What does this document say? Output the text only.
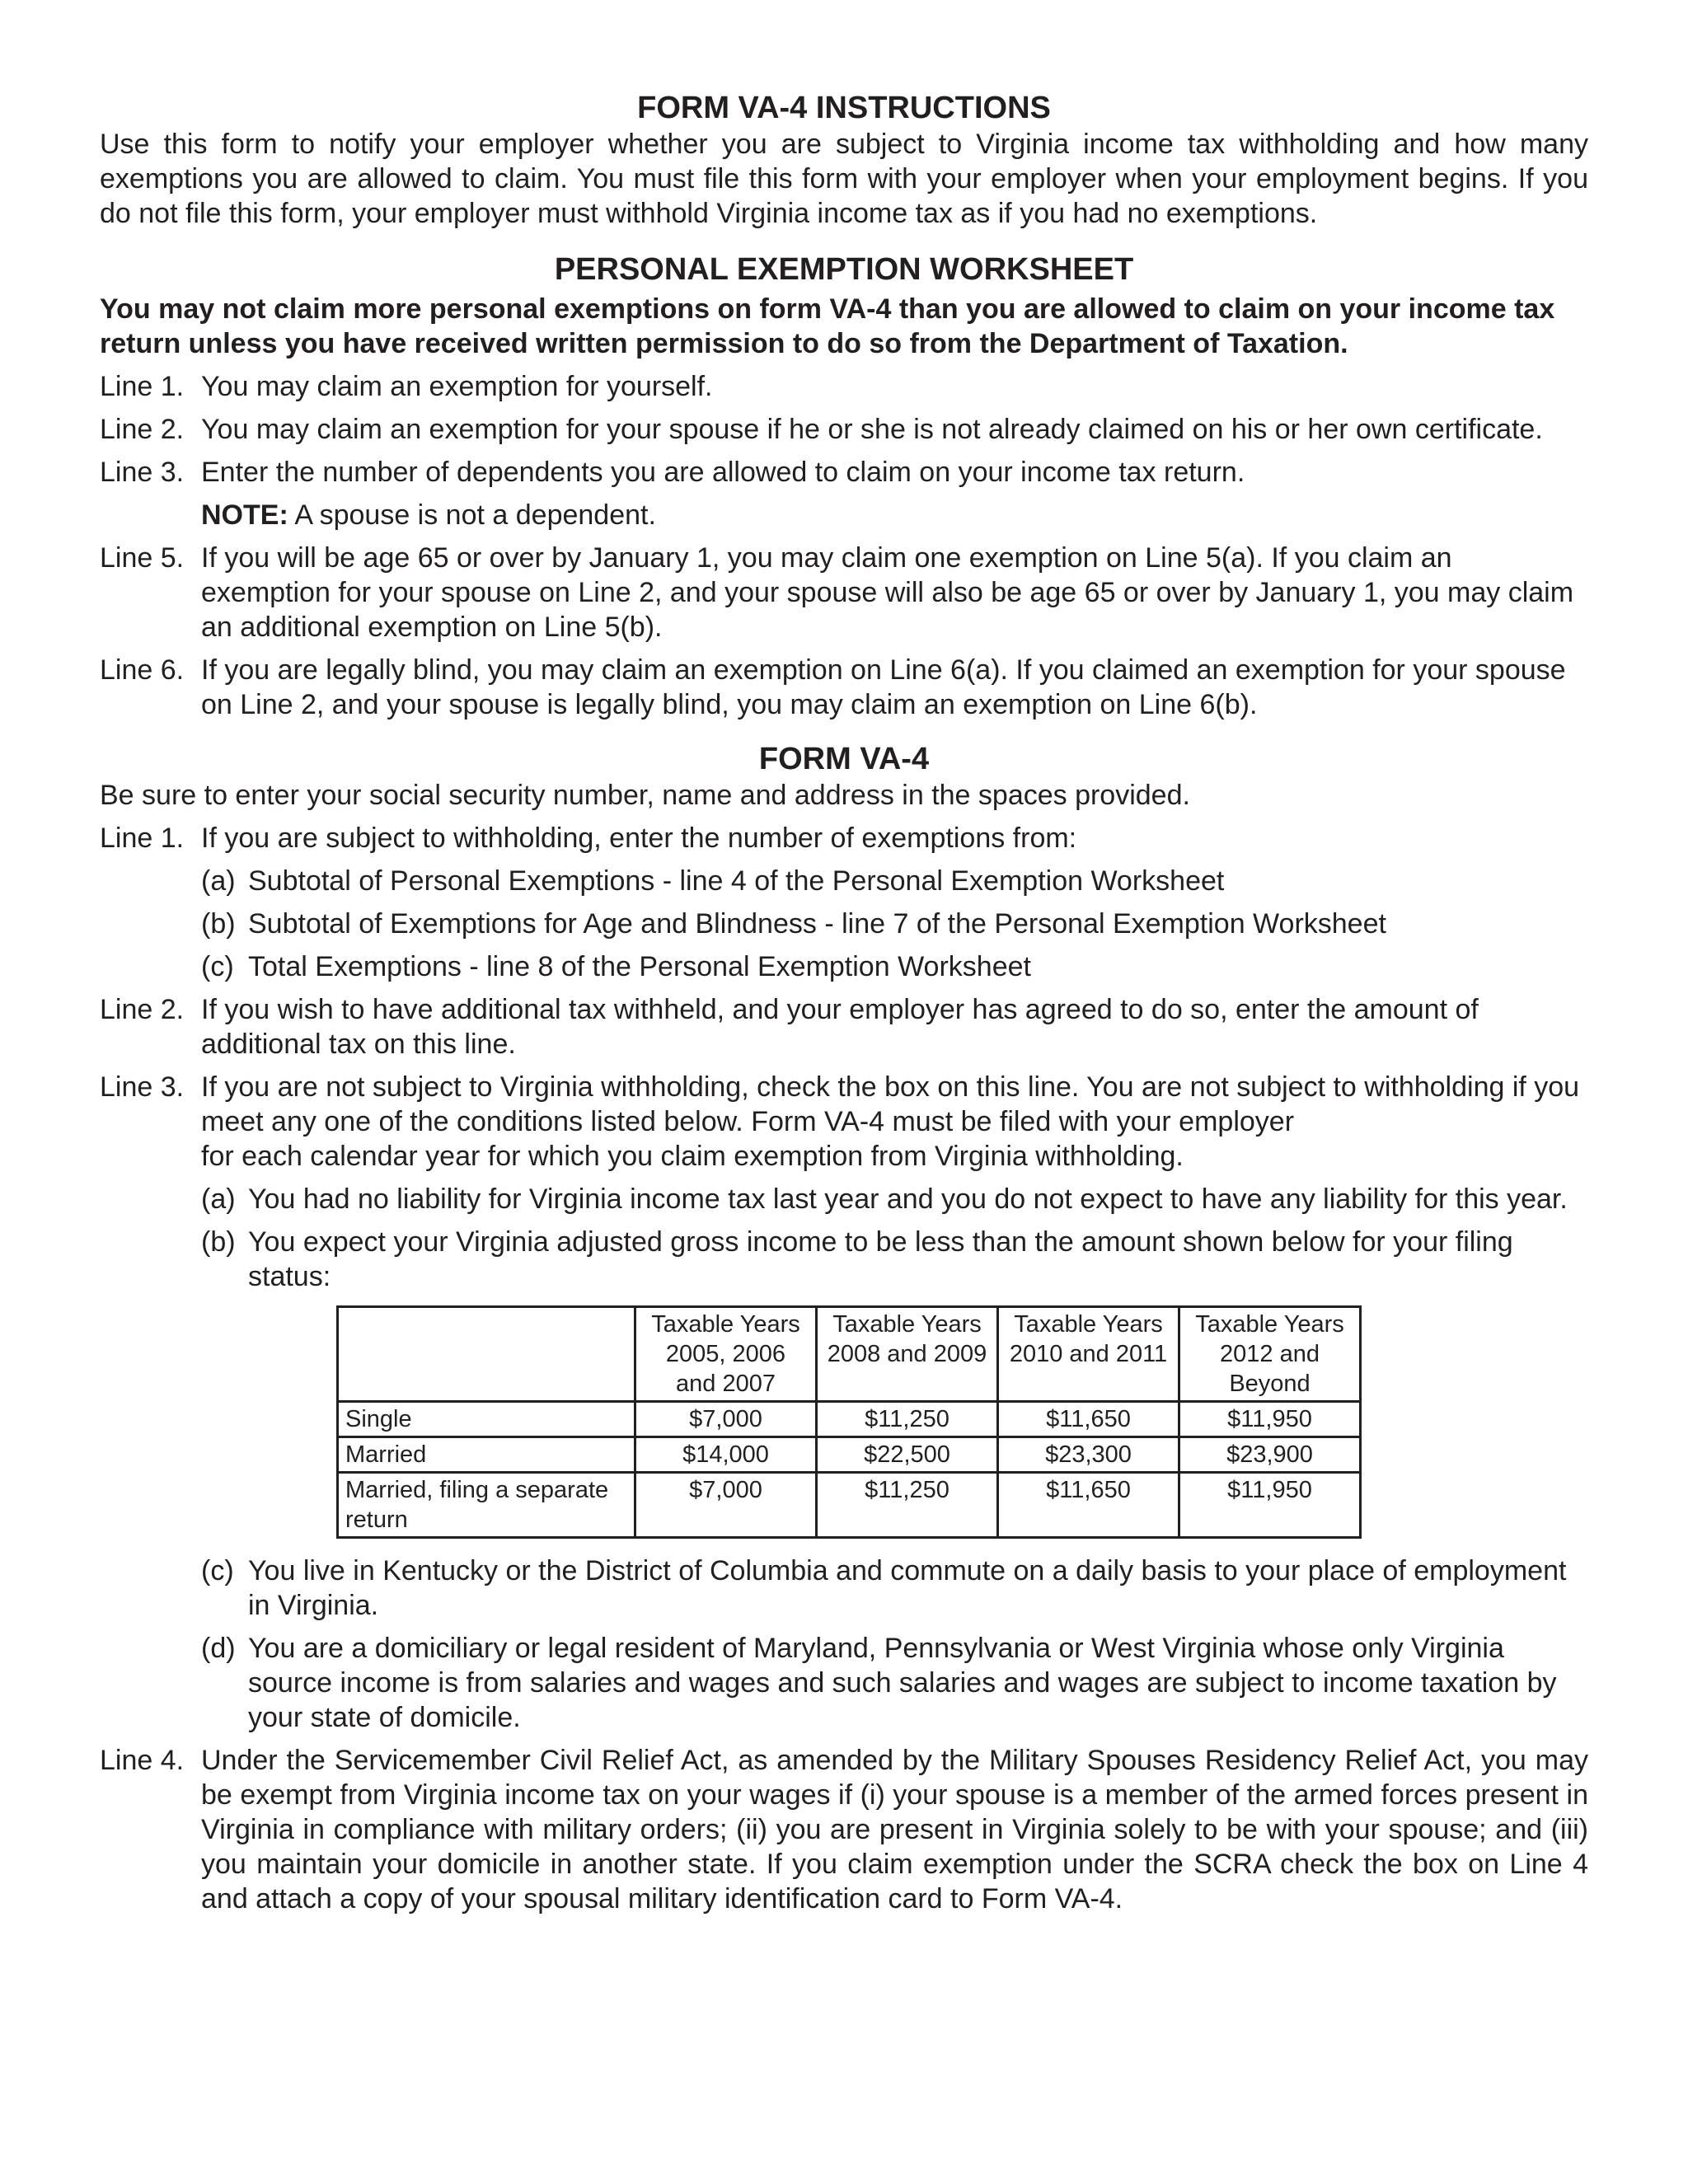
FORM VA-4 INSTRUCTIONS

Use this form to notify your employer whether you are subject to Virginia income tax withholding and how many exemptions you are allowed to claim. You must file this form with your employer when your employment begins. If you do not file this form, your employer must withhold Virginia income tax as if you had no exemptions.

PERSONAL EXEMPTION WORKSHEET

You may not claim more personal exemptions on form VA-4 than you are allowed to claim on your income tax return unless you have received written permission to do so from the Department of Taxation.

Line 1. You may claim an exemption for yourself.
Line 2. You may claim an exemption for your spouse if he or she is not already claimed on his or her own certificate.
Line 3. Enter the number of dependents you are allowed to claim on your income tax return.
NOTE: A spouse is not a dependent.
Line 5. If you will be age 65 or over by January 1, you may claim one exemption on Line 5(a). If you claim an exemption for your spouse on Line 2, and your spouse will also be age 65 or over by January 1, you may claim an additional exemption on Line 5(b).
Line 6. If you are legally blind, you may claim an exemption on Line 6(a). If you claimed an exemption for your spouse on Line 2, and your spouse is legally blind, you may claim an exemption on Line 6(b).
FORM VA-4

Be sure to enter your social security number, name and address in the spaces provided.

Line 1. If you are subject to withholding, enter the number of exemptions from:
(a) Subtotal of Personal Exemptions - line 4 of the Personal Exemption Worksheet
(b) Subtotal of Exemptions for Age and Blindness - line 7 of the Personal Exemption Worksheet
(c) Total Exemptions - line 8 of the Personal Exemption Worksheet
Line 2. If you wish to have additional tax withheld, and your employer has agreed to do so, enter the amount of additional tax on this line.
Line 3. If you are not subject to Virginia withholding, check the box on this line. You are not subject to withholding if you meet any one of the conditions listed below. Form VA-4 must be filed with your employer
for each calendar year for which you claim exemption from Virginia withholding.
(a) You had no liability for Virginia income tax last year and you do not expect to have any liability for this year.
(b) You expect your Virginia adjusted gross income to be less than the amount shown below for your filing status:
	Taxable Years 2005, 2006 and 2007	Taxable Years 2008 and 2009	Taxable Years 2010 and 2011	Taxable Years 2012 and Beyond
Single	$7,000	$11,250	$11,650	$11,950
Married	$14,000	$22,500	$23,300	$23,900
Married, filing a separate return	$7,000	$11,250	$11,650	$11,950
(c) You live in Kentucky or the District of Columbia and commute on a daily basis to your place of employment in Virginia.
(d) You are a domiciliary or legal resident of Maryland, Pennsylvania or West Virginia whose only Virginia source income is from salaries and wages and such salaries and wages are subject to income taxation by your state of domicile.
Line 4. Under the Servicemember Civil Relief Act, as amended by the Military Spouses Residency Relief Act, you may be exempt from Virginia income tax on your wages if (i) your spouse is a member of the armed forces present in Virginia in compliance with military orders; (ii) you are present in Virginia solely to be with your spouse; and (iii) you maintain your domicile in another state. If you claim exemption under the SCRA check the box on Line 4 and attach a copy of your spousal military identification card to Form VA-4.
